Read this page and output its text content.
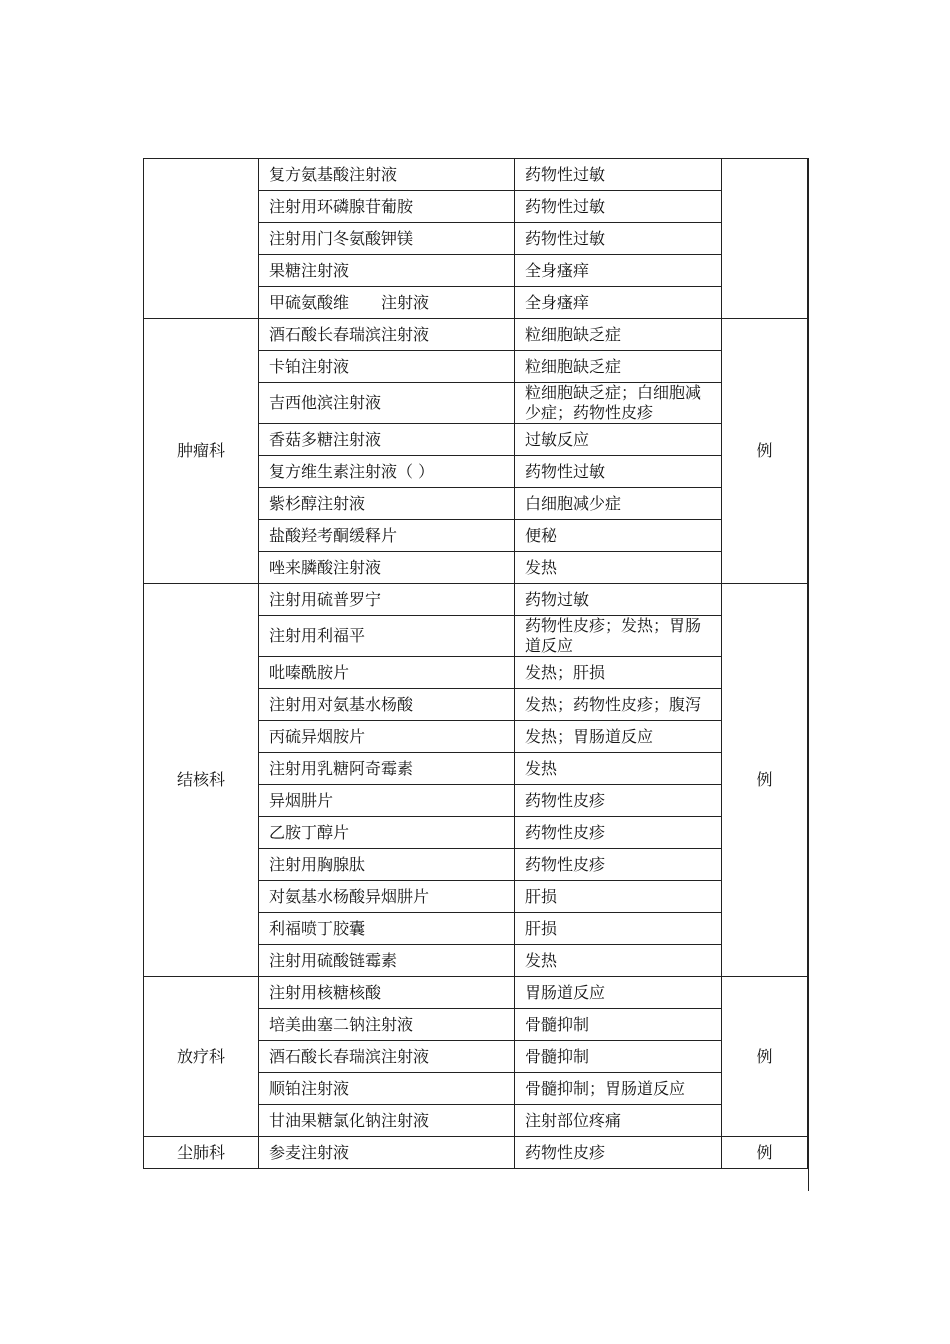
	复方氨基酸注射液	药物性过敏	
	注射用环磷腺苷葡胺	药物性过敏	
	注射用门冬氨酸钾镁	药物性过敏	
	果糖注射液	全身瘙痒	
	甲硫氨酸维　　注射液	全身瘙痒	
肿瘤科	酒石酸长春瑞滨注射液	粒细胞缺乏症	例
	卡铂注射液	粒细胞缺乏症	
	吉西他滨注射液	粒细胞缺乏症；白细胞减少症；药物性皮疹	
	香菇多糖注射液	过敏反应	
	复方维生素注射液（ ）	药物性过敏	
	紫杉醇注射液	白细胞减少症	
	盐酸羟考酮缓释片	便秘	
	唑来膦酸注射液	发热	
结核科	注射用硫普罗宁	药物过敏	例
	注射用利福平	药物性皮疹；发热；胃肠道反应	
	吡嗪酰胺片	发热；肝损	
	注射用对氨基水杨酸	发热；药物性皮疹；腹泻	
	丙硫异烟胺片	发热；胃肠道反应	
	注射用乳糖阿奇霉素	发热	
	异烟肼片	药物性皮疹	
	乙胺丁醇片	药物性皮疹	
	注射用胸腺肽	药物性皮疹	
	对氨基水杨酸异烟肼片	肝损	
	利福喷丁胶囊	肝损	
	注射用硫酸链霉素	发热	
放疗科	注射用核糖核酸	胃肠道反应	例
	培美曲塞二钠注射液	骨髓抑制	
	酒石酸长春瑞滨注射液	骨髓抑制	
	顺铂注射液	骨髓抑制；胃肠道反应	
	甘油果糖氯化钠注射液	注射部位疼痛	
尘肺科	参麦注射液	药物性皮疹	例
